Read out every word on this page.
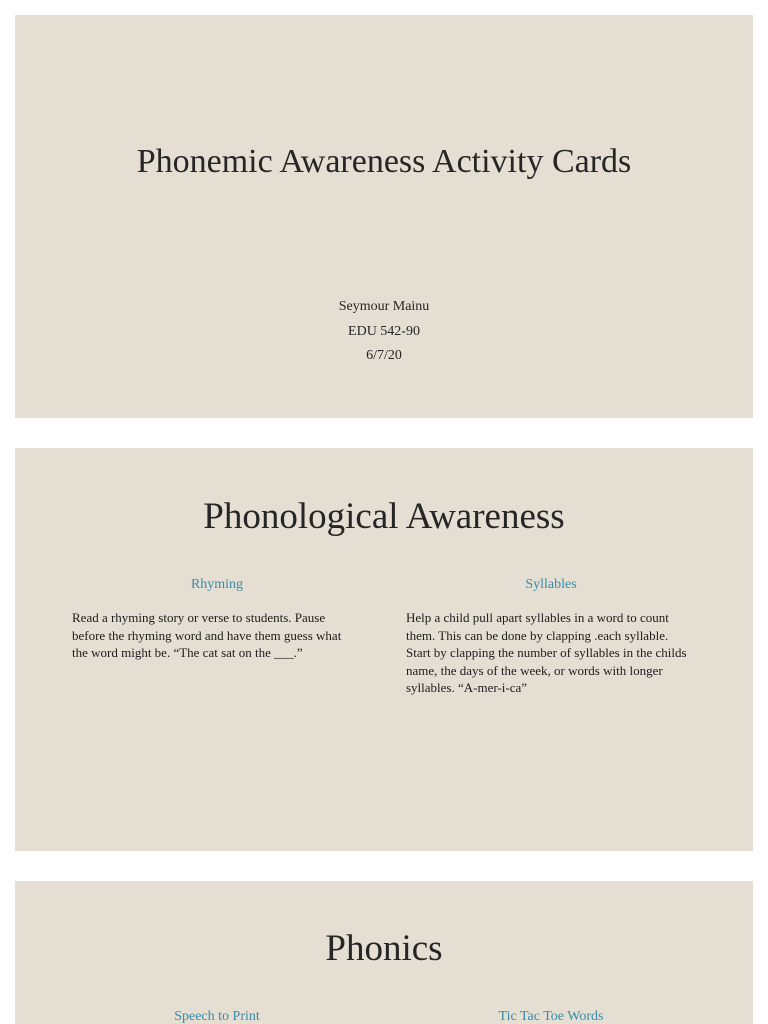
Phonemic Awareness Activity Cards
Seymour Mainu
EDU 542-90
6/7/20
Phonological Awareness
Rhyming
Read a rhyming story or verse to students. Pause before the rhyming word and have them guess what the word might be. “The cat sat on the ___.”
Syllables
Help a child pull apart syllables in a word to count them. This can be done by clapping .each syllable. Start by clapping the number of syllables in the childs name, the days of the week, or words with longer syllables. “A-mer-i-ca”
Phonics
Speech to Print	Tic Tac Toe Words
